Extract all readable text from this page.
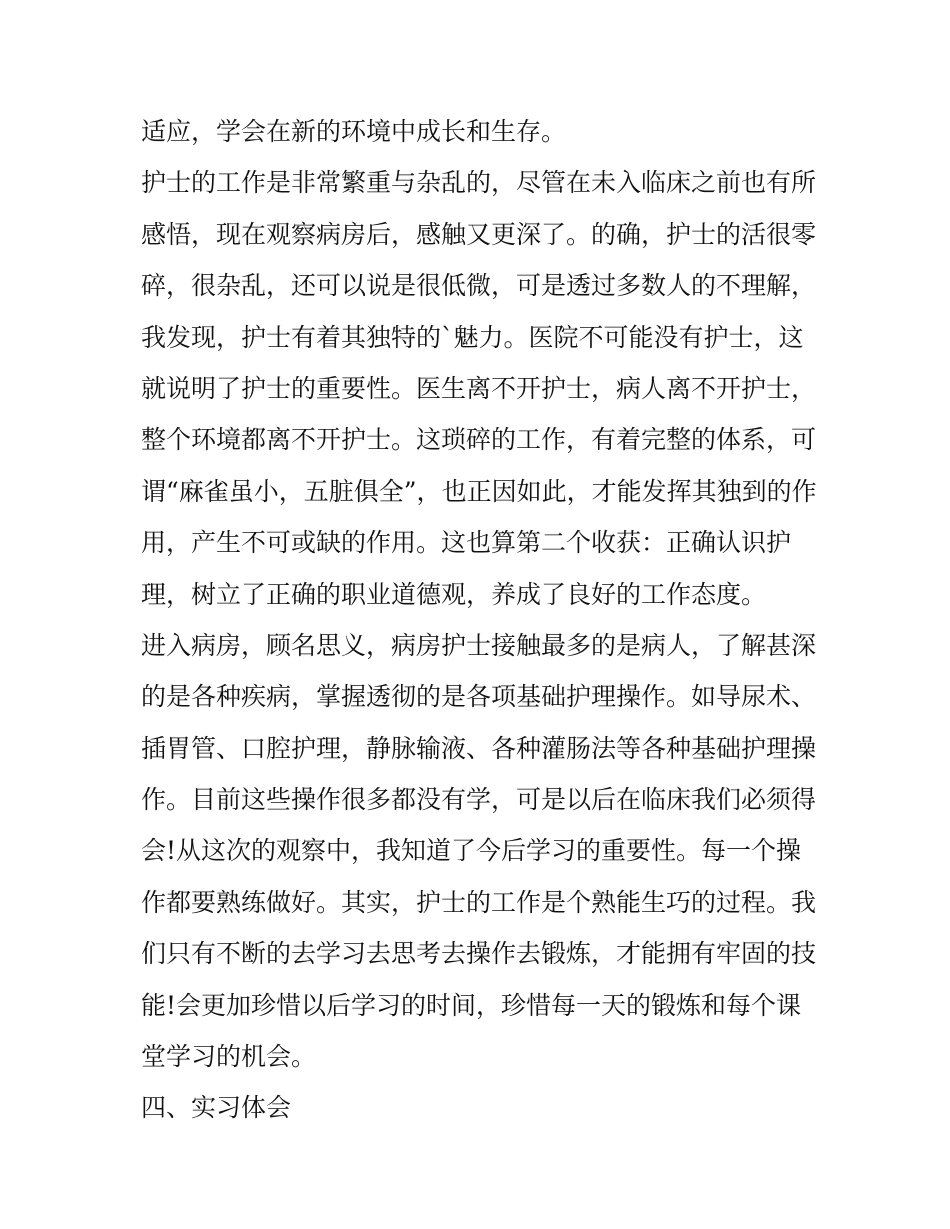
适应，学会在新的环境中成长和生存。

护士的工作是非常繁重与杂乱的，尽管在未入临床之前也有所

感悟，现在观察病房后，感触又更深了。的确，护士的活很零

碎，很杂乱，还可以说是很低微，可是透过多数人的不理解，

我发现，护士有着其独特的`魅力。医院不可能没有护士，这

就说明了护士的重要性。医生离不开护士，病人离不开护士，

整个环境都离不开护士。这琐碎的工作，有着完整的体系，可

谓“麻雀虽小，五脏俱全”，也正因如此，才能发挥其独到的作

用，产生不可或缺的作用。这也算第二个收获：正确认识护

理，树立了正确的职业道德观，养成了良好的工作态度。

进入病房，顾名思义，病房护士接触最多的是病人，了解甚深

的是各种疾病，掌握透彻的是各项基础护理操作。如导尿术、

插胃管、口腔护理，静脉输液、各种灌肠法等各种基础护理操

作。目前这些操作很多都没有学，可是以后在临床我们必须得

会!从这次的观察中，我知道了今后学习的重要性。每一个操

作都要熟练做好。其实，护士的工作是个熟能生巧的过程。我

们只有不断的去学习去思考去操作去锻炼，才能拥有牢固的技

能!会更加珍惜以后学习的时间，珍惜每一天的锻炼和每个课

堂学习的机会。

四、实习体会
